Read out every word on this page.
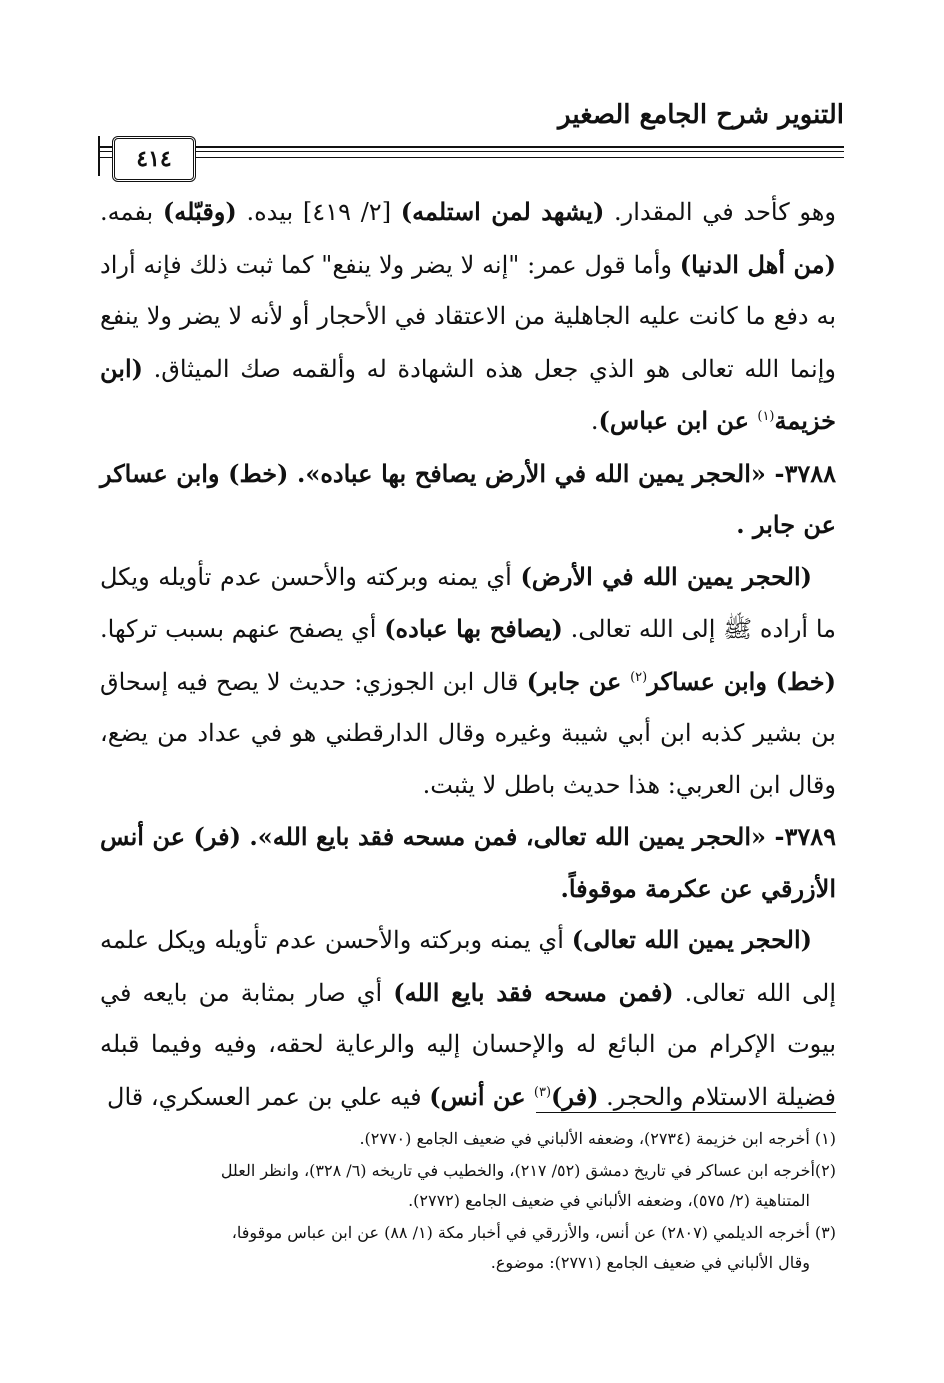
التنوير شرح الجامع الصغير
٤١٤

وهو كأحد في المقدار. (يشهد لمن استلمه) [٢/ ٤١٩] بيده. (وقبّله) بفمه. (من أهل الدنيا) وأما قول عمر: "إنه لا يضر ولا ينفع" كما ثبت ذلك فإنه أراد به دفع ما كانت عليه الجاهلية من الاعتقاد في الأحجار أو لأنه لا يضر ولا ينفع وإنما الله تعالى هو الذي جعل هذه الشهادة له وألقمه صك الميثاق. (ابن خزيمة$^{(١)}$ عن ابن عباس).

٣٧٨٨- «الحجر يمين الله في الأرض يصافح بها عباده». (خط) وابن عساكر عن جابر .

(الحجر يمين الله في الأرض) أي يمنه وبركته والأحسن عدم تأويله ويكل ما أراده ﷺ إلى الله تعالى. (يصافح بها عباده) أي يصفح عنهم بسبب تركها. (خط) وابن عساكر$^{(٢)}$ عن جابر) قال ابن الجوزي: حديث لا يصح فيه إسحاق بن بشير كذبه ابن أبي شيبة وغيره وقال الدارقطني هو في عداد من يضع، وقال ابن العربي: هذا حديث باطل لا يثبت.

٣٧٨٩- «الحجر يمين الله تعالى، فمن مسحه فقد بايع الله». (فر) عن أنس الأزرقي عن عكرمة موقوفاً.

(الحجر يمين الله تعالى) أي يمنه وبركته والأحسن عدم تأويله ويكل علمه إلى الله تعالى. (فمن مسحه فقد بايع الله) أي صار بمثابة من بايعه في بيوت الإكرام من البائع له والإحسان إليه والرعاية لحقه، وفيه وفيما قبله فضيلة الاستلام والحجر. (فر)$^{(٣)}$ عن أنس) فيه علي بن عمر العسكري، قال

(١) أخرجه ابن خزيمة (٢٧٣٤)، وضعفه الألباني في ضعيف الجامع (٢٧٧٠).

(٢)أخرجه ابن عساكر في تاريخ دمشق (٥٢/ ٢١٧)، والخطيب في تاريخه (٦/ ٣٢٨)، وانظر العلل
المتناهية (٢/ ٥٧٥)، وضعفه الألباني في ضعيف الجامع (٢٧٧٢).

(٣) أخرجه الديلمي (٢٨٠٧) عن أنس، والأزرقي في أخبار مكة (١/ ٨٨) عن ابن عباس موقوفا،
وقال الألباني في ضعيف الجامع (٢٧٧١): موضوع.
